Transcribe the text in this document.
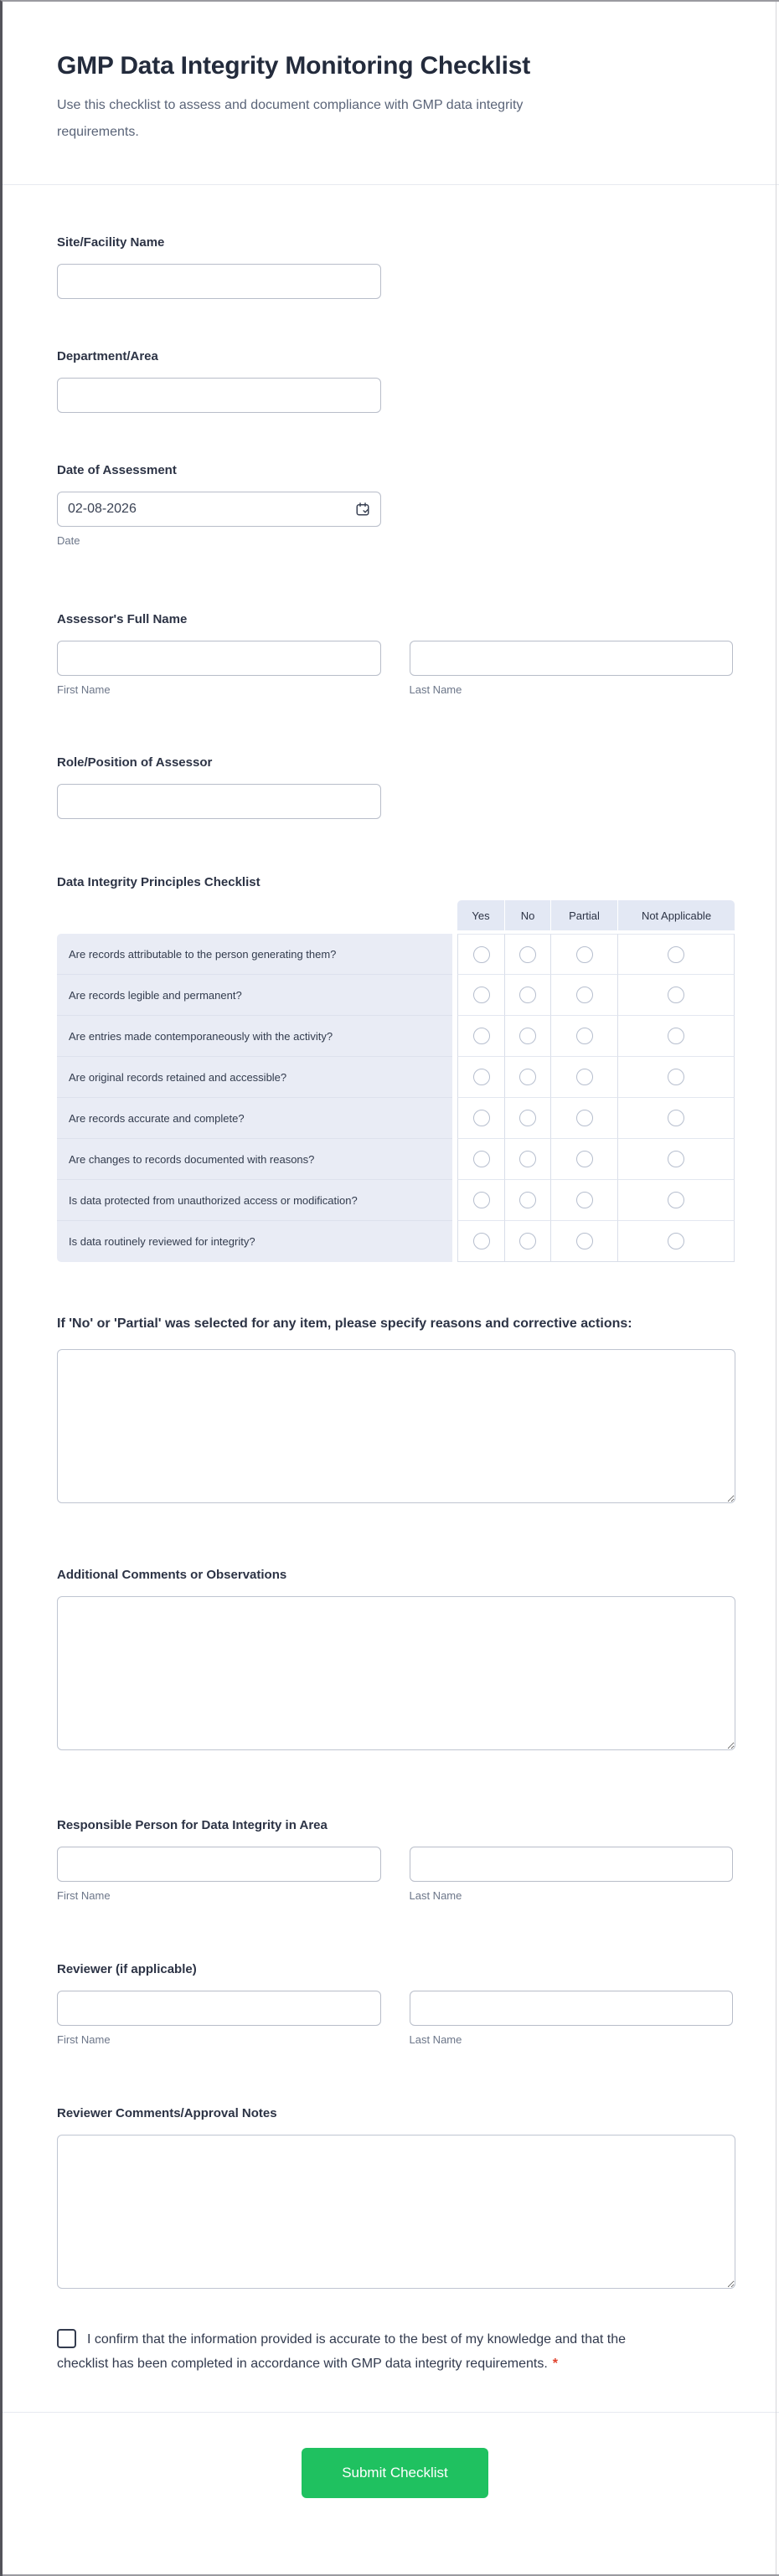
GMP Data Integrity Monitoring Checklist
Use this checklist to assess and document compliance with GMP data integrity requirements.
Site/Facility Name
Department/Area
Date of Assessment
02-08-2026
Date
Assessor's Full Name
First Name	Last Name
Role/Position of Assessor
Data Integrity Principles Checklist
Yes	No	Partial	Not Applicable
Are records attributable to the person generating them?
Are records legible and permanent?
Are entries made contemporaneously with the activity?
Are original records retained and accessible?
Are records accurate and complete?
Are changes to records documented with reasons?
Is data protected from unauthorized access or modification?
Is data routinely reviewed for integrity?
If 'No' or 'Partial' was selected for any item, please specify reasons and corrective actions:
Additional Comments or Observations
Responsible Person for Data Integrity in Area
First Name	Last Name
Reviewer (if applicable)
First Name	Last Name
Reviewer Comments/Approval Notes
I confirm that the information provided is accurate to the best of my knowledge and that the checklist has been completed in accordance with GMP data integrity requirements. *
Submit Checklist
